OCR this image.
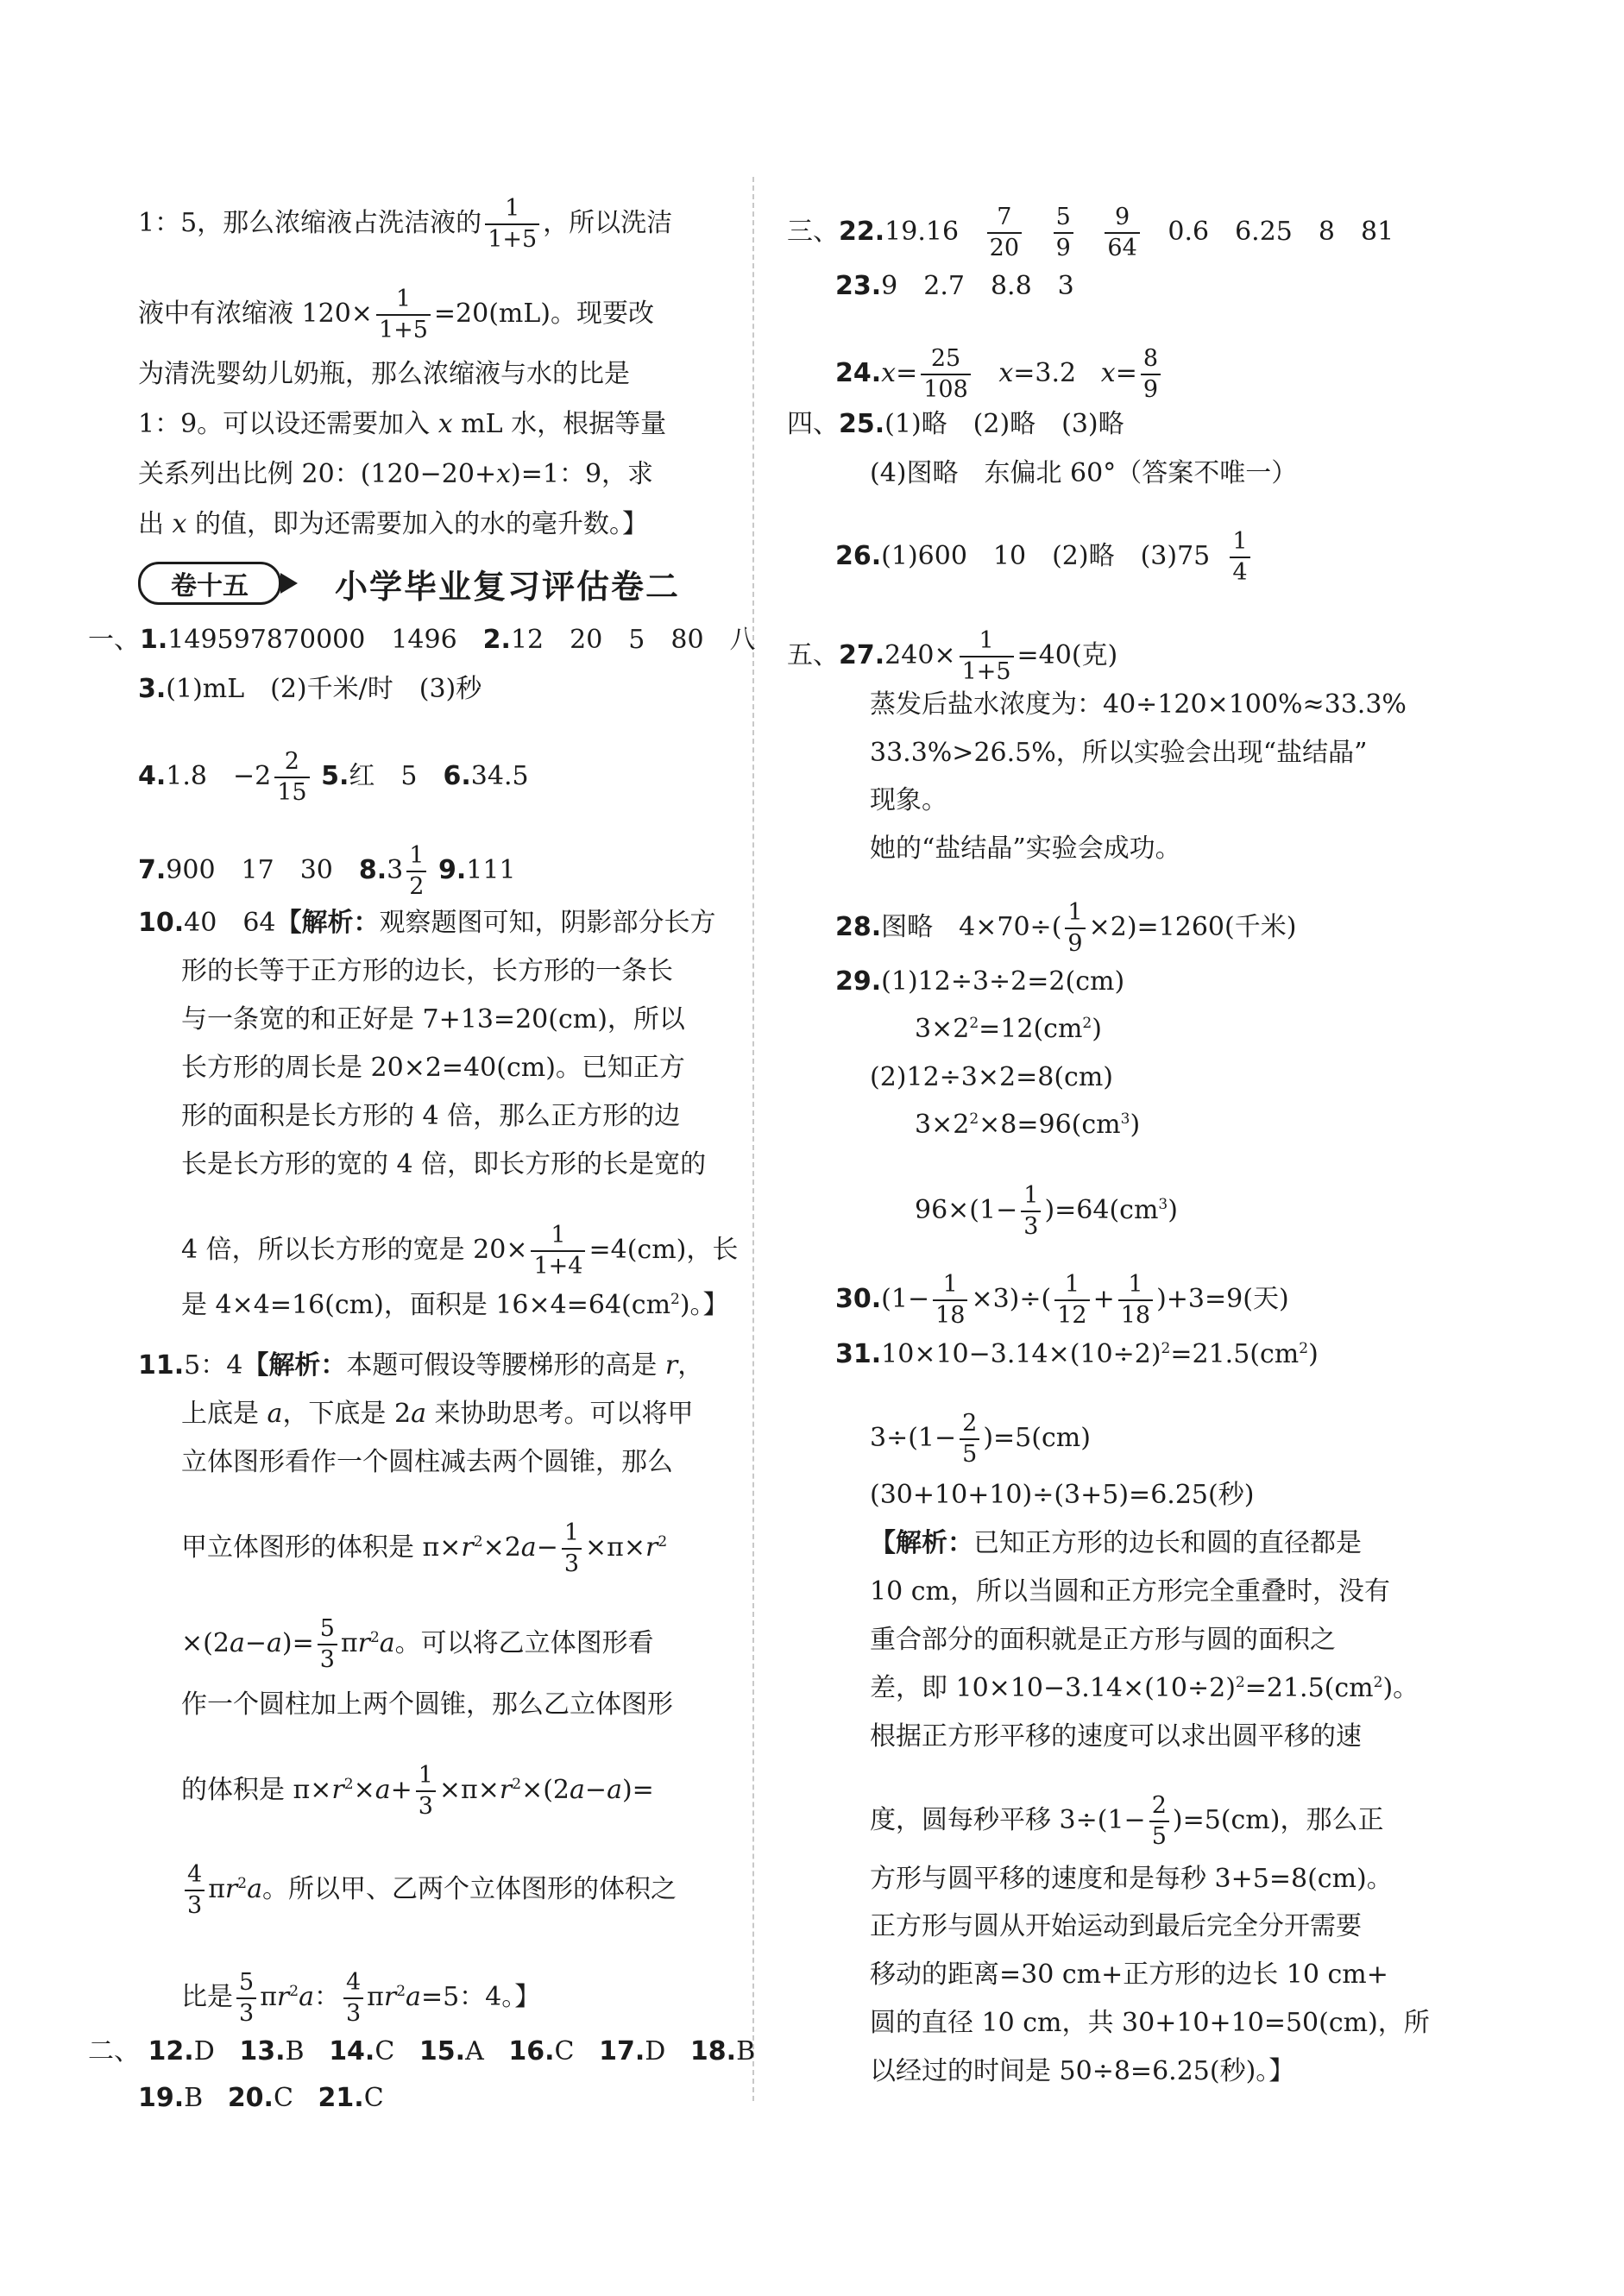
1：5，那么浓缩液占洗洁液的 $\frac{1}{1+5}$ ，所以洗洁
液中有浓缩液 $120\times \frac{1}{1+5} =20(mL)$。现要改
为清洗婴幼儿奶瓶，那么浓缩液与水的比是
1：9。可以设还需要加入 x mL 水，根据等量
关系列出比例 20：(120−20+x)=1：9，求
出 x 的值，即为还需要加入的水的毫升数。】
卷十五	小学毕业复习评估卷二
一、1.149597870000　1496　2.12　20　5　80　八
3.(1)mL　(2)千米/时　(3)秒
4.1.8　$-2 \frac{2}{15} 5$.红　5　6.34.5
7.900　17　30　$8.3 \frac{1}{2} 9.111$
10.40　64【解析：观察题图可知，阴影部分长方
形的长等于正方形的边长，长方形的一条长
与一条宽的和正好是 7+13=20(cm)，所以
长方形的周长是 20×2=40(cm)。已知正方
形的面积是长方形的 4 倍，那么正方形的边
长是长方形的宽的 4 倍，即长方形的长是宽的
4 倍，所以长方形的宽是 $20\times \frac{1}{1+4} =4(cm)$，长
是 4×4=16(cm)，面积是 $16\times 4=64(cm^2)$。】
11.5：4【解析：本题可假设等腰梯形的高是 r，
上底是 a，下底是 2a 来协助思考。可以将甲
立体图形看作一个圆柱减去两个圆锥，那么
甲立体图形的体积是 $\pi\times r^2\times 2a- \frac{1}{3} \times\pi\times r^2$
$\times(2a-a)= \frac{5}{3} \pi r^2a$。可以将乙立体图形看
作一个圆柱加上两个圆锥，那么乙立体图形
的体积是 $\pi\times r^2\times a+ \frac{1}{3} \times\pi\times r^2\times(2a-a)=$
$\frac{4}{3} \pi r^2a$。所以甲、乙两个立体图形的体积之
比是 $\frac{5}{3} \pi r^2a$： $\frac{4}{3} \pi r^2a=5$：4。】
二、 12.D 13.B 14.C 15.A 16.C 17.D 18.B
19.B 20.C 21.C
三、$22.19.16 \frac{7}{20}$
$\frac{5}{9}$
$\frac{9}{64} 0.6$　6.25　8　81
23.9　2.7　8.8　3
$24.x= \frac{25}{108} x=3.2$ $x= \frac{8}{9}$
四、25.(1)略　(2)略　(3)略
(4)图略　东偏北 60°（答案不唯一）
26.(1)600　10　(2)略　$(3)75 \frac{1}{4}$
五、$27.240\times \frac{1}{1+5} =40$(克)
蒸发后盐水浓度为：40÷120×100%≈33.3%
33.3%>26.5%，所以实验会出现“盐结晶”
现象。
她的“盐结晶”实验会成功。
28.图略　$4\times 70\div( \frac{1}{9} \times 2)=1260$(千米)
29.(1)12÷3÷2=2(cm)
$3\times 2^2=12(cm^2)$
(2)12÷3×2=8(cm)
$3\times 2^2\times 8=96(cm^3)$
$96\times(1- \frac{1}{3} )=64(cm^3)$
$30.(1- \frac{1}{18} \times 3)\div( \frac{1}{12} + \frac{1}{18} )+3=9$(天)
$31.10\times 10-3.14\times(10\div 2)^2=21.5(cm^2)$
$3\div(1- \frac{2}{5} )=5(cm)$
(30+10+10)÷(3+5)=6.25(秒)
【解析：已知正方形的边长和圆的直径都是
10 cm，所以当圆和正方形完全重叠时，没有
重合部分的面积就是正方形与圆的面积之
差，即 $10\times 10-3.14\times(10\div 2)^2=21.5(cm^2)$。
根据正方形平移的速度可以求出圆平移的速
度，圆每秒平移 $3\div(1- \frac{2}{5} )=5(cm)$，那么正
方形与圆平移的速度和是每秒 3+5=8(cm)。
正方形与圆从开始运动到最后完全分开需要
移动的距离=30 cm+正方形的边长 10 cm+
圆的直径 10 cm，共 30+10+10=50(cm)，所
以经过的时间是 50÷8=6.25(秒)。】
